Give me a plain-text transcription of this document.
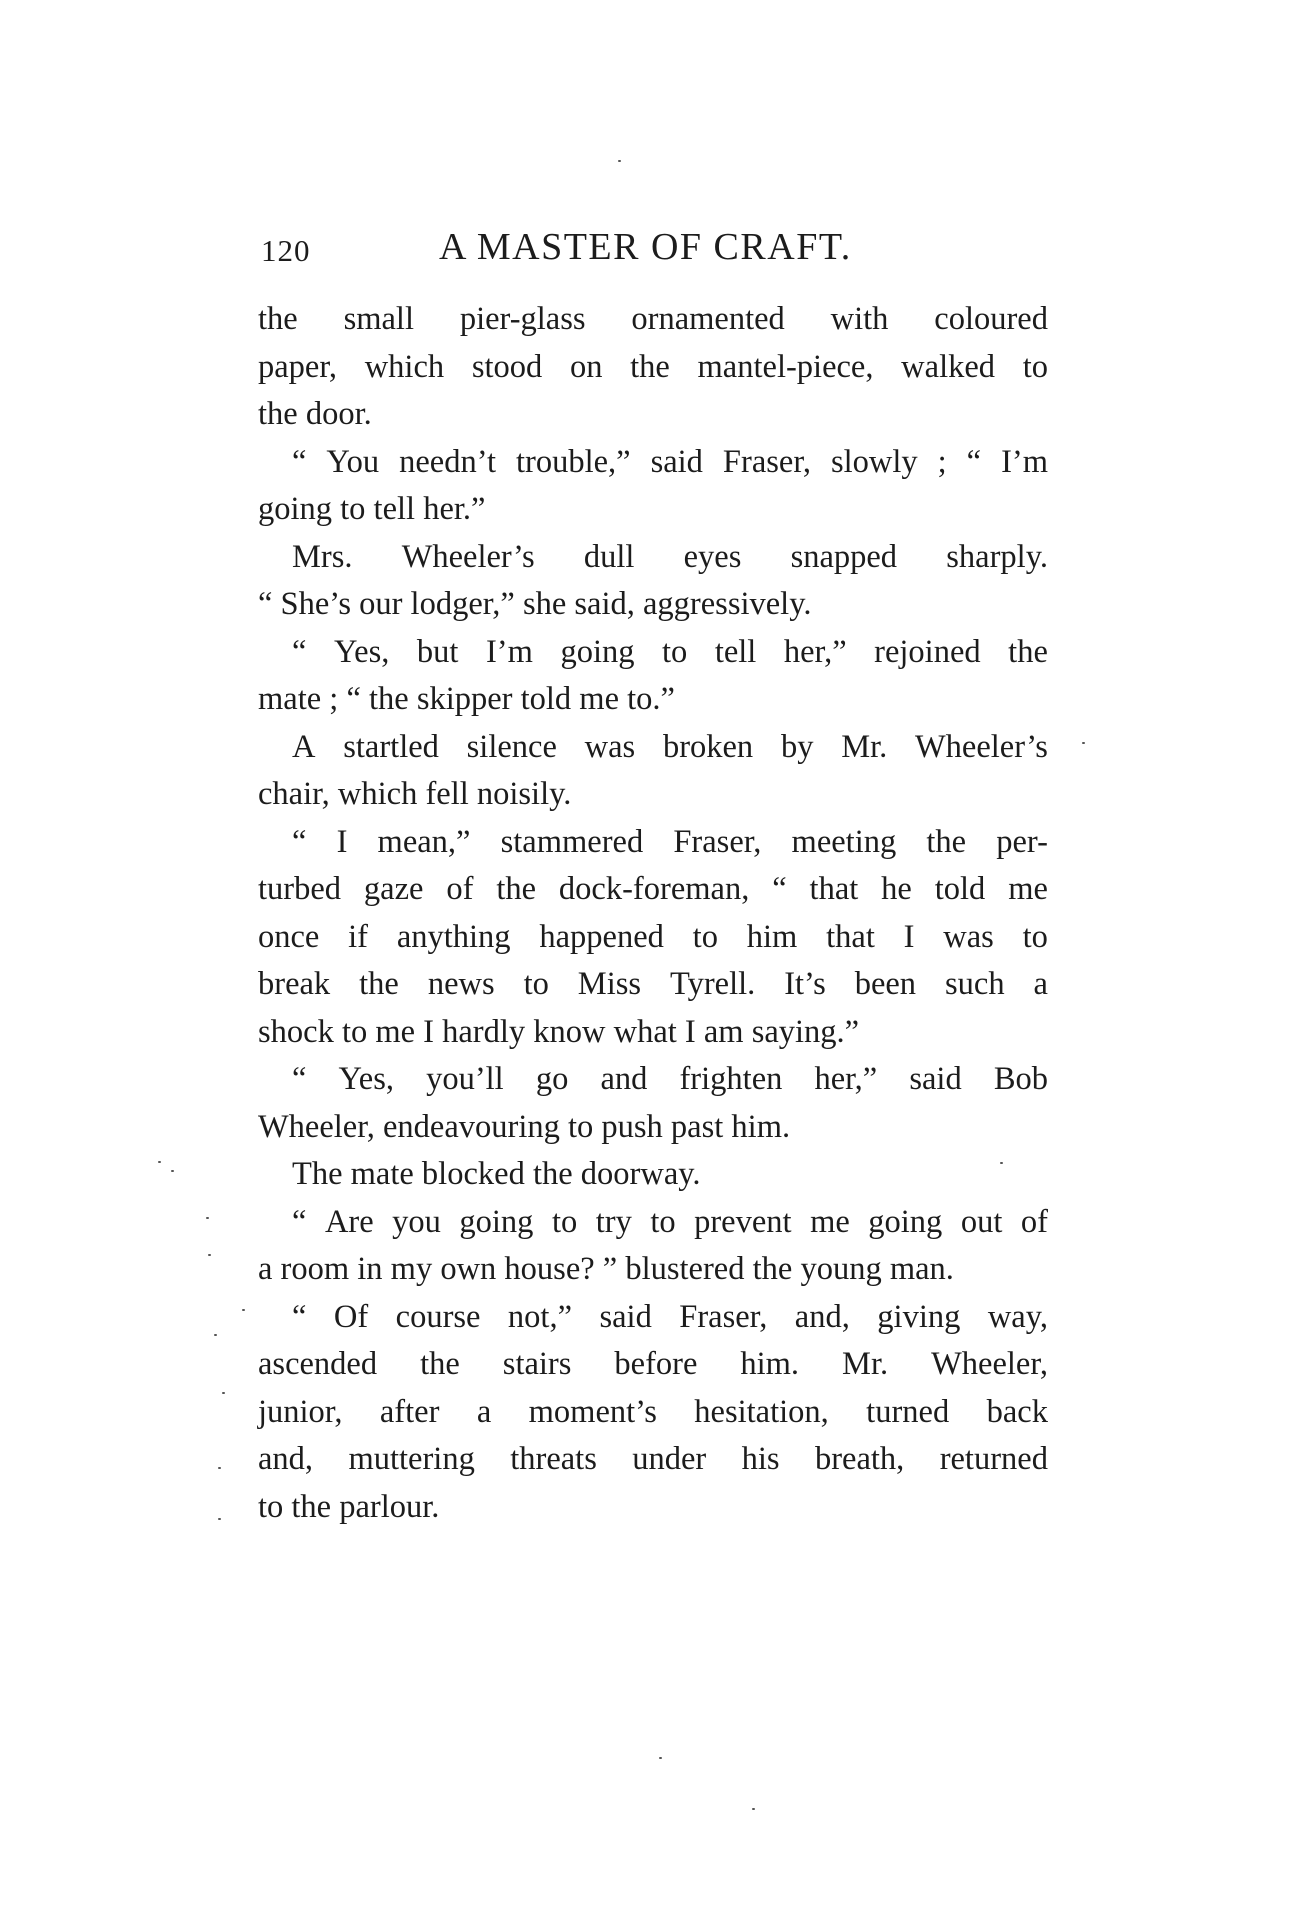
120	A MASTER OF CRAFT.
the small pier-glass ornamented with coloured
paper, which stood on the mantel-piece, walked to
the door.
“ You needn’t trouble,” said Fraser, slowly ; “ I’m
going to tell her.”
Mrs. Wheeler’s dull eyes snapped sharply.
“ She’s our lodger,” she said, aggressively.
“ Yes, but I’m going to tell her,” rejoined the
mate ; “ the skipper told me to.”
A startled silence was broken by Mr. Wheeler’s
chair, which fell noisily.
“ I mean,” stammered Fraser, meeting the per-
turbed gaze of the dock-foreman, “ that he told me
once if anything happened to him that I was to
break the news to Miss Tyrell. It’s been such a
shock to me I hardly know what I am saying.”
“ Yes, you’ll go and frighten her,” said Bob
Wheeler, endeavouring to push past him.
The mate blocked the doorway.
“ Are you going to try to prevent me going out of
a room in my own house? ” blustered the young man.
“ Of course not,” said Fraser, and, giving way,
ascended the stairs before him. Mr. Wheeler,
junior, after a moment’s hesitation, turned back
and, muttering threats under his breath, returned
to the parlour.
